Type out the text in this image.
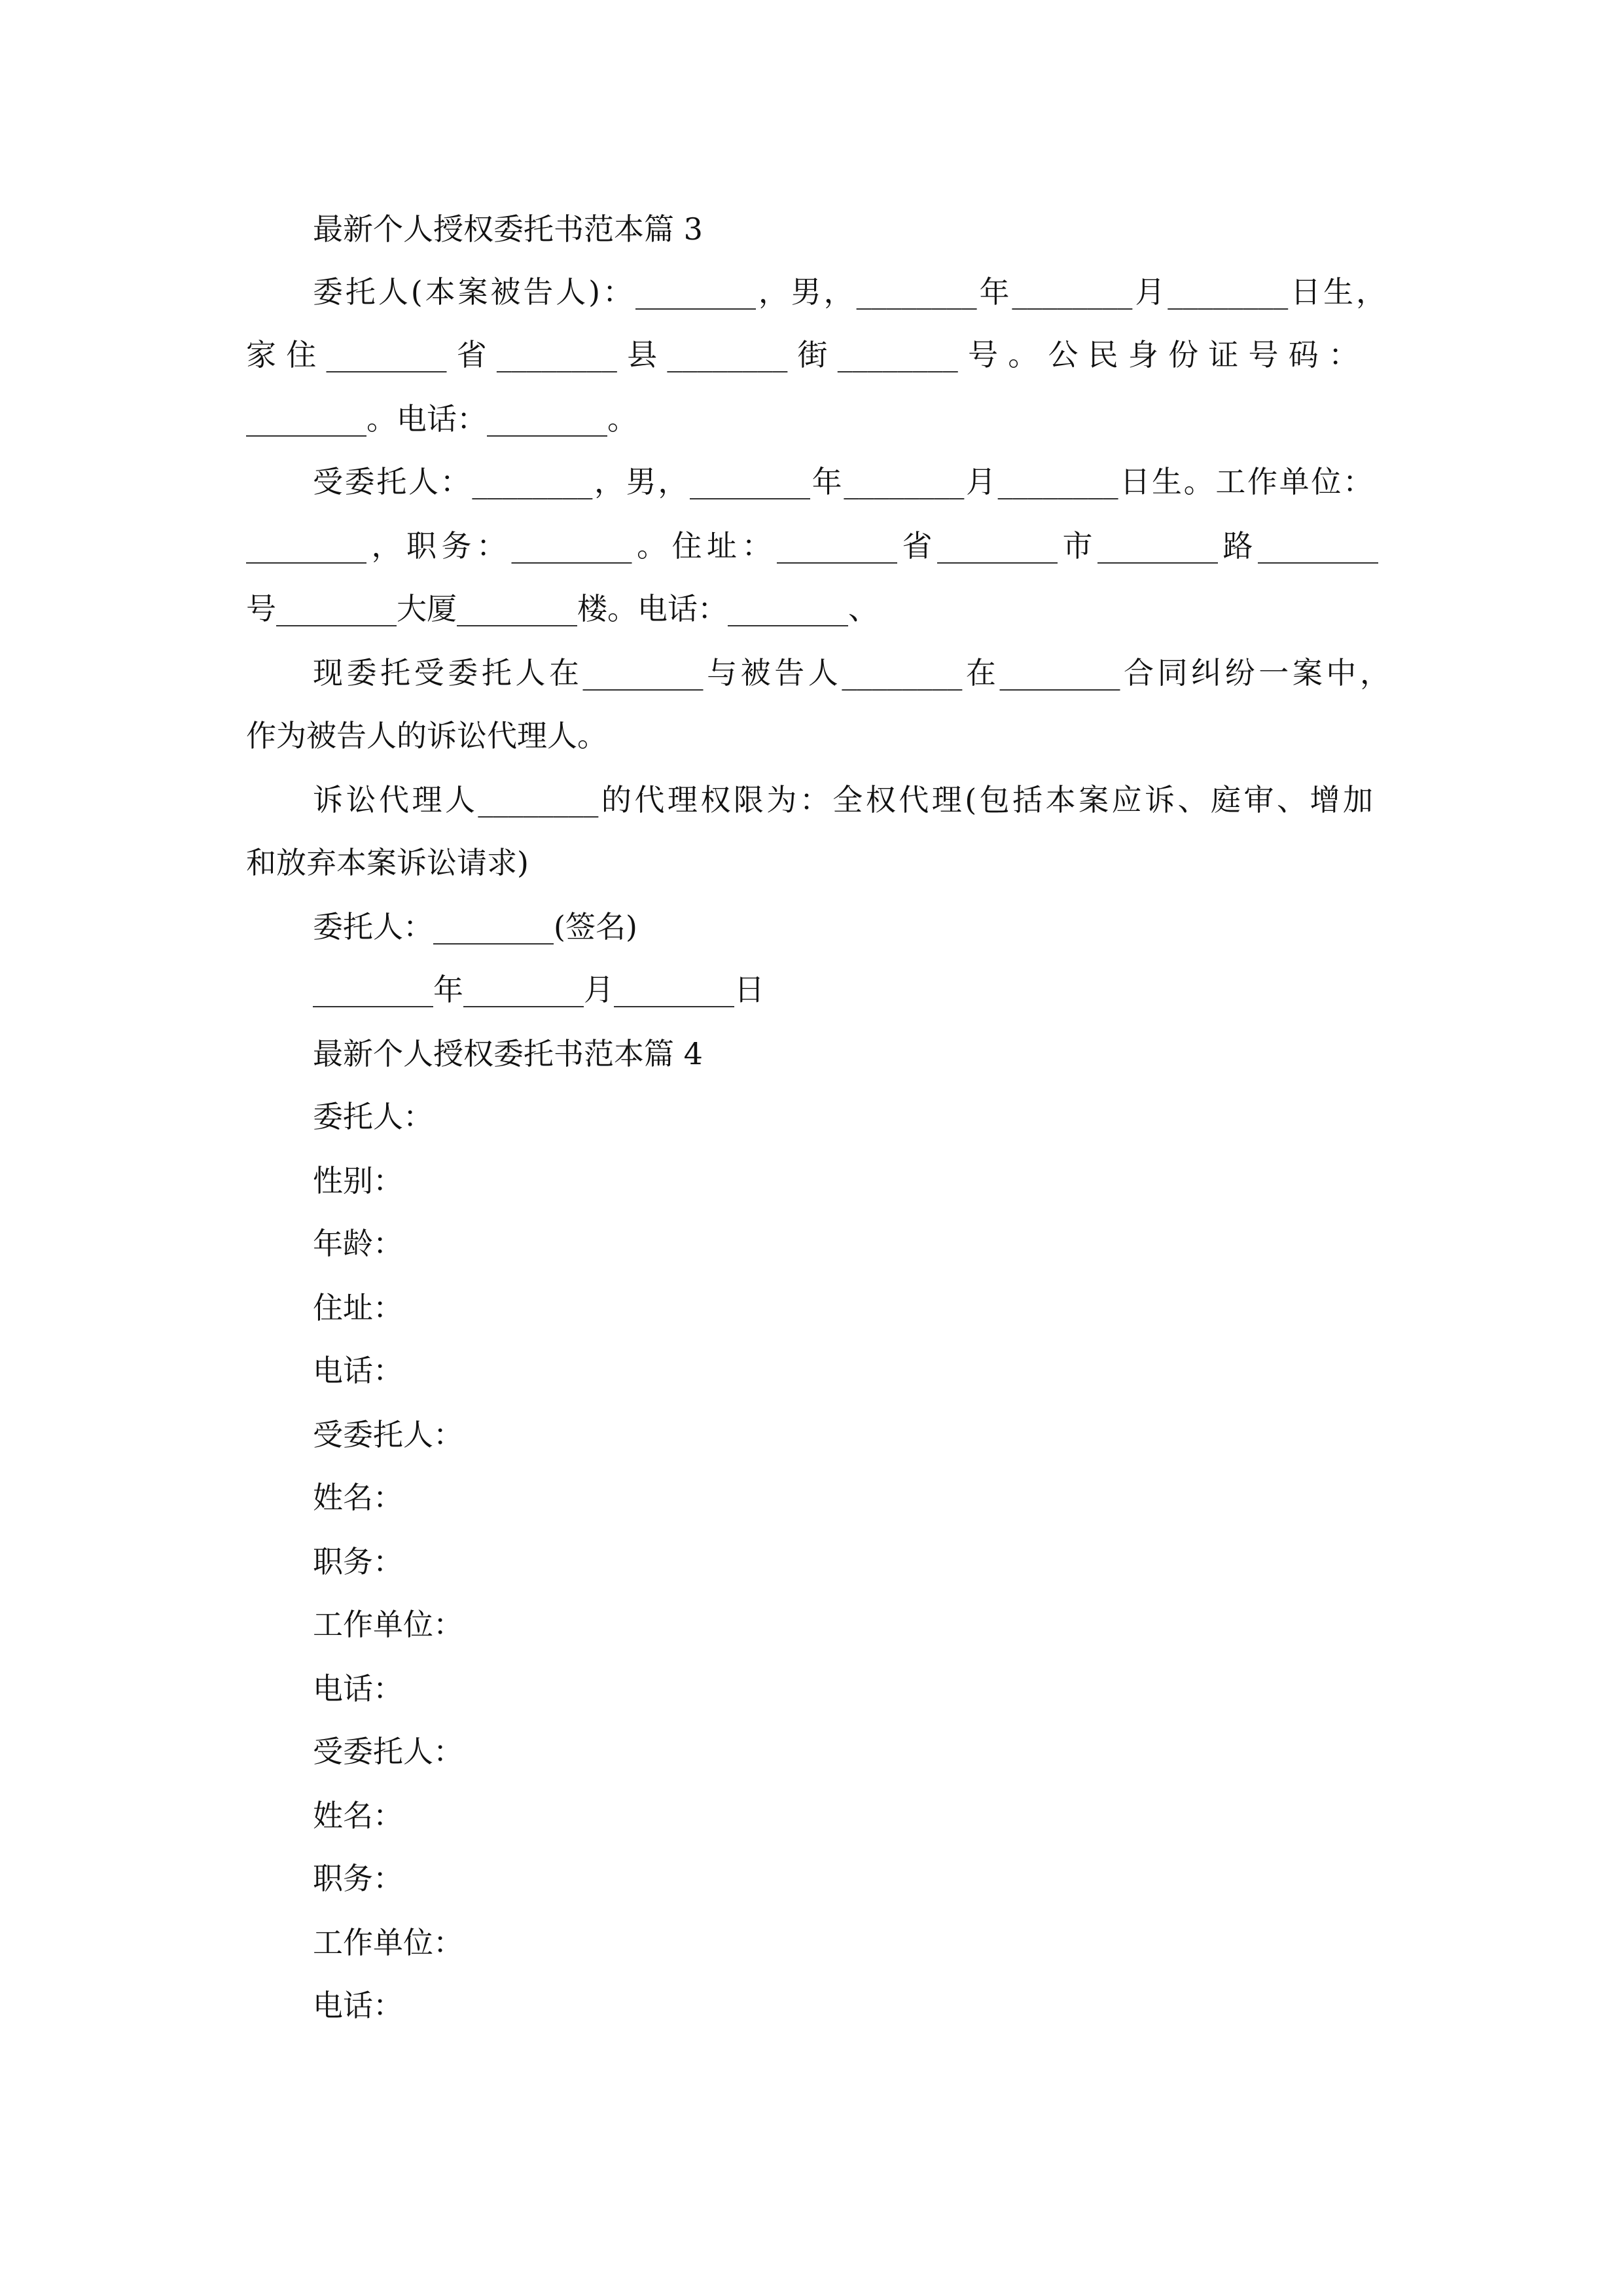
最新个人授权委托书范本篇 3
委托人(本案被告人)：________，男，________年________月________日生，
家住________省________县________街________号。公民身份证号码：
________。电话：________。
受委托人：________，男，________年________月________日生。工作单位：
________，职务：________。住址：________省________市________路________
号________大厦________楼。电话：________、
现委托受委托人在________与被告人________在________合同纠纷一案中，
作为被告人的诉讼代理人。
诉讼代理人________的代理权限为：全权代理(包括本案应诉、庭审、增加
和放弃本案诉讼请求)
委托人：________(签名)
________年________月________日
最新个人授权委托书范本篇 4
委托人：
性别：
年龄：
住址：
电话：
受委托人：
姓名：
职务：
工作单位：
电话：
受委托人：
姓名：
职务：
工作单位：
电话：
